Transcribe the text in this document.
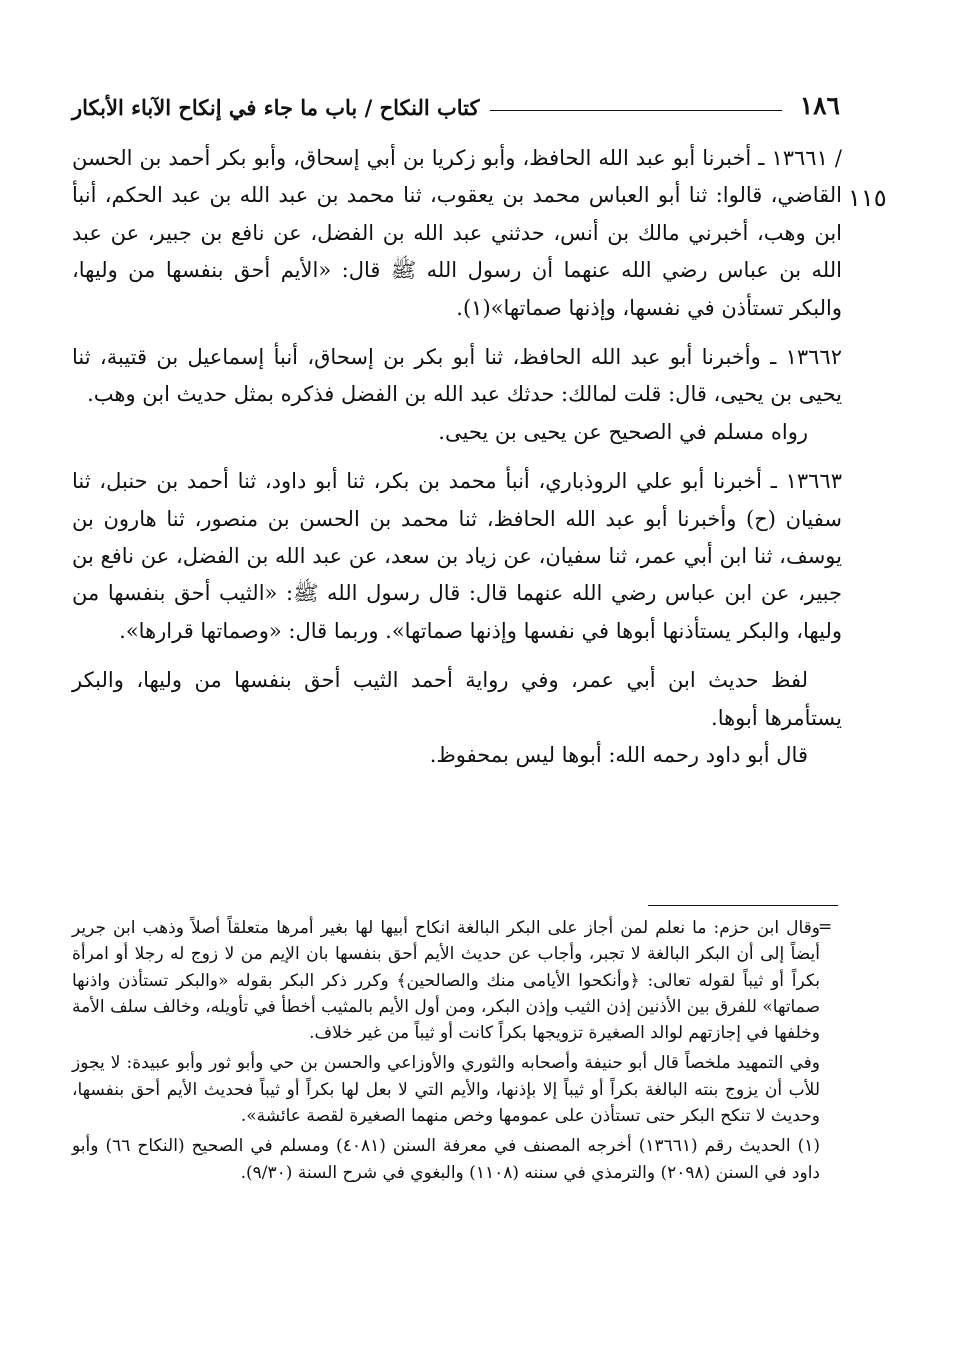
١٨٦
كتاب النكاح / باب ما جاء في إنكاح الآباء الأبكار
١١٥

/ ١٣٦٦١ ـ أخبرنا أبو عبد الله الحافظ، وأبو زكريا بن أبي إسحاق، وأبو بكر أحمد بن الحسن القاضي، قالوا: ثنا أبو العباس محمد بن يعقوب، ثنا محمد بن عبد الله بن عبد الحكم، أنبأ ابن وهب، أخبرني مالك بن أنس، حدثني عبد الله بن الفضل، عن نافع بن جبير، عن عبد الله بن عباس رضي الله عنهما أن رسول الله ﷺ قال: «الأيم أحق بنفسها من وليها، والبكر تستأذن في نفسها، وإذنها صماتها»(١).

١٣٦٦٢ ـ وأخبرنا أبو عبد الله الحافظ، ثنا أبو بكر بن إسحاق، أنبأ إسماعيل بن قتيبة، ثنا يحيى بن يحيى، قال: قلت لمالك: حدثك عبد الله بن الفضل فذكره بمثل حديث ابن وهب.

رواه مسلم في الصحيح عن يحيى بن يحيى.

١٣٦٦٣ ـ أخبرنا أبو علي الروذباري، أنبأ محمد بن بكر، ثنا أبو داود، ثنا أحمد بن حنبل، ثنا سفيان (ح) وأخبرنا أبو عبد الله الحافظ، ثنا محمد بن الحسن بن منصور، ثنا هارون بن يوسف، ثنا ابن أبي عمر، ثنا سفيان، عن زياد بن سعد، عن عبد الله بن الفضل، عن نافع بن جبير، عن ابن عباس رضي الله عنهما قال: قال رسول الله ﷺ: «الثيب أحق بنفسها من وليها، والبكر يستأذنها أبوها في نفسها وإذنها صماتها». وربما قال: «وصماتها قرارها».

لفظ حديث ابن أبي عمر، وفي رواية أحمد الثيب أحق بنفسها من وليها، والبكر يستأمرها أبوها.

قال أبو داود رحمه الله: أبوها ليس بمحفوظ.

=

وقال ابن حزم: ما نعلم لمن أجاز على البكر البالغة انكاح أبيها لها بغير أمرها متعلقاً أصلاً وذهب ابن جرير أيضاً إلى أن البكر البالغة لا تجبر، وأجاب عن حديث الأيم أحق بنفسها بان الإيم من لا زوج له رجلا أو امرأة بكراً أو ثيباً لقوله تعالى: ﴿وأنكحوا الأيامى منك والصالحين﴾ وكرر ذكر البكر بقوله «والبكر تستأذن واذنها صماتها» للفرق بين الأذنين إذن الثيب وإذن البكر، ومن أول الأيم بالمثيب أخطأ في تأويله، وخالف سلف الأمة وخلفها في إجازتهم لوالد الصغيرة تزويجها بكراً كانت أو ثيباً من غير خلاف.

وفي التمهيد ملخصاً قال أبو حنيفة وأصحابه والثوري والأوزاعي والحسن بن حي وأبو ثور وأبو عبيدة: لا يجوز للأب أن يزوج بنته البالغة بكراً أو ثيباً إلا بإذنها، والأيم التي لا بعل لها بكراً أو ثيباً فحديث الأيم أحق بنفسها، وحديث لا تنكح البكر حتى تستأذن على عمومها وخص منهما الصغيرة لقصة عائشة».

(١) الحديث رقم (١٣٦٦١) أخرجه المصنف في معرفة السنن (٤٠٨١) ومسلم في الصحيح (النكاح ٦٦) وأبو داود في السنن (٢٠٩٨) والترمذي في سننه (١١٠٨) والبغوي في شرح السنة (٩/٣٠).
